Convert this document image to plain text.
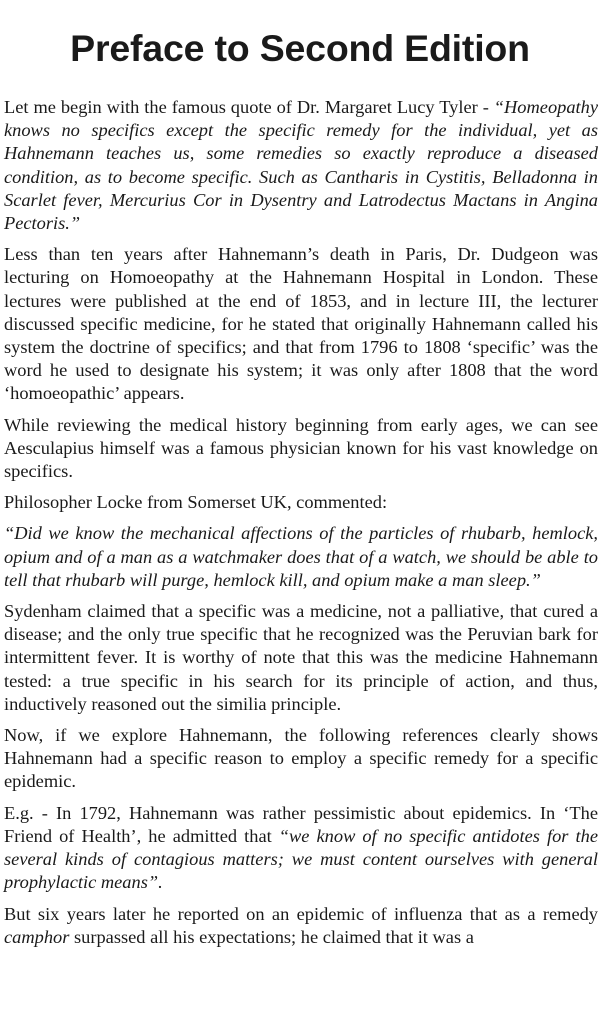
Preface to Second Edition

Let me begin with the famous quote of Dr. Margaret Lucy Tyler - “Homeopathy knows no specifics except the specific remedy for the individual, yet as Hahnemann teaches us, some remedies so exactly reproduce a diseased condition, as to become specific. Such as Cantharis in Cystitis, Belladonna in Scarlet fever, Mercurius Cor in Dysentry and Latrodectus Mactans in Angina Pectoris.”

Less than ten years after Hahnemann’s death in Paris, Dr. Dudgeon was lecturing on Homoeopathy at the Hahnemann Hospital in London. These lectures were published at the end of 1853, and in lecture III, the lecturer discussed specific medicine, for he stated that originally Hahnemann called his system the doctrine of specifics; and that from 1796 to 1808 ‘specific’ was the word he used to designate his system; it was only after 1808 that the word ‘homoeopathic’ appears.

While reviewing the medical history beginning from early ages, we can see Aesculapius himself was a famous physician known for his vast knowledge on specifics.

Philosopher Locke from Somerset UK, commented:

“Did we know the mechanical affections of the particles of rhubarb, hemlock, opium and of a man as a watchmaker does that of a watch, we should be able to tell that rhubarb will purge, hemlock kill, and opium make a man sleep.”

Sydenham claimed that a specific was a medicine, not a palliative, that cured a disease; and the only true specific that he recognized was the Peruvian bark for intermittent fever. It is worthy of note that this was the medicine Hahnemann tested: a true specific in his search for its principle of action, and thus, inductively reasoned out the similia principle.

Now, if we explore Hahnemann, the following references clearly shows Hahnemann had a specific reason to employ a specific remedy for a specific epidemic.

E.g. - In 1792, Hahnemann was rather pessimistic about epidemics. In ‘The Friend of Health’, he admitted that “we know of no specific antidotes for the several kinds of contagious matters; we must content ourselves with general prophylactic means”.

But six years later he reported on an epidemic of influenza that as a remedy camphor surpassed all his expectations; he claimed that it was a
